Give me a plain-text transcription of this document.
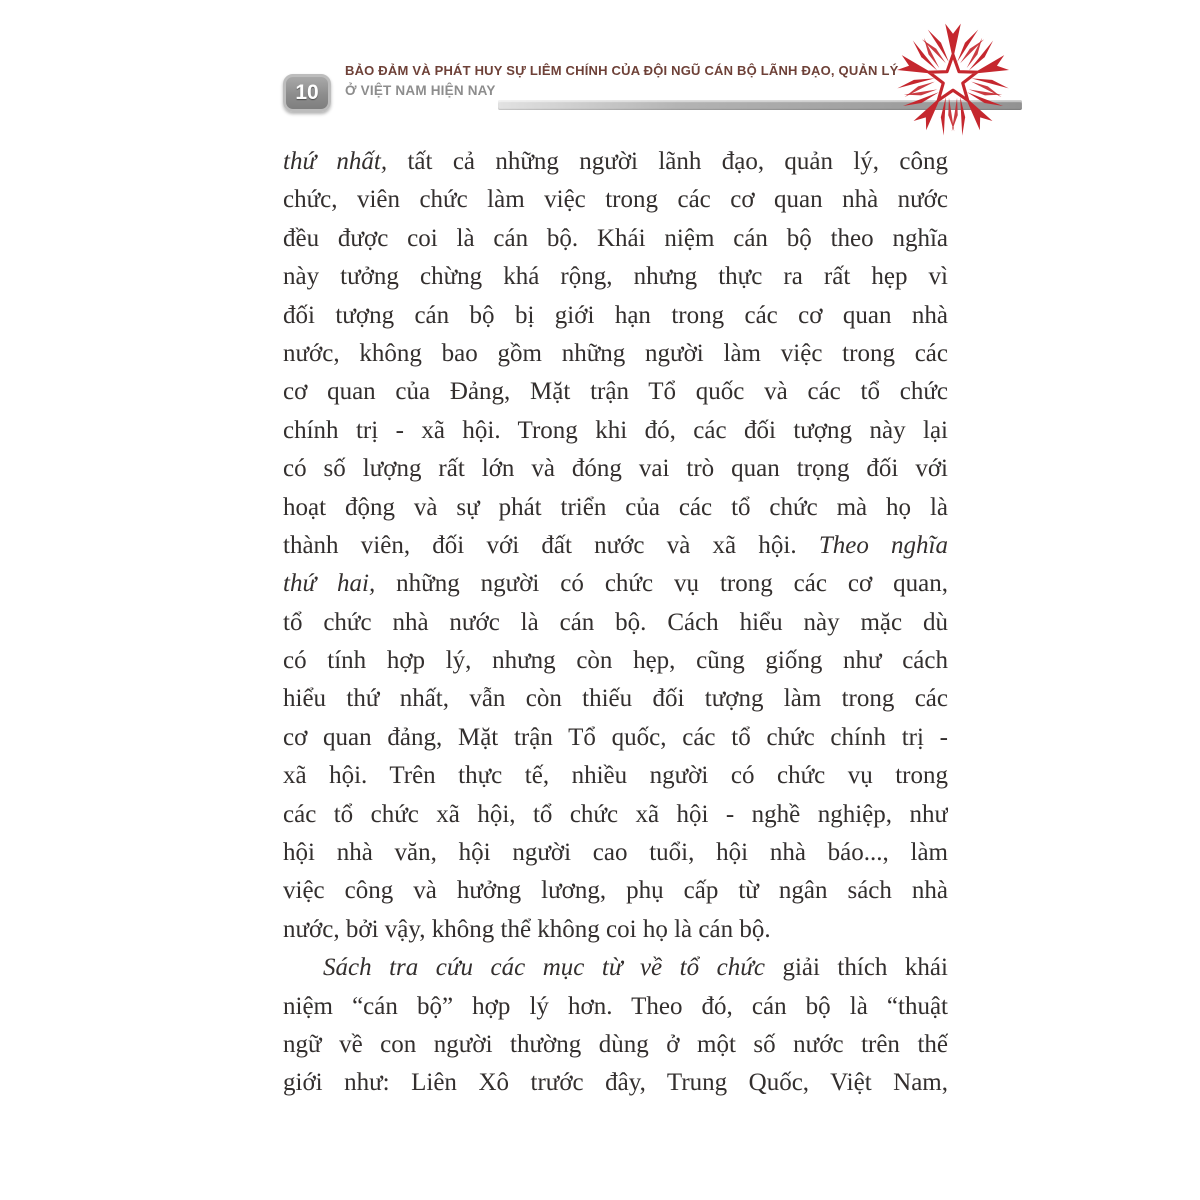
10
BẢO ĐẢM VÀ PHÁT HUY SỰ LIÊM CHÍNH CỦA ĐỘI NGŨ CÁN BỘ LÃNH ĐẠO, QUẢN LÝ
Ở VIỆT NAM HIỆN NAY
thứ nhất, tất cả những người lãnh đạo, quản lý, công
chức, viên chức làm việc trong các cơ quan nhà nước
đều được coi là cán bộ. Khái niệm cán bộ theo nghĩa
này tưởng chừng khá rộng, nhưng thực ra rất hẹp vì
đối tượng cán bộ bị giới hạn trong các cơ quan nhà
nước, không bao gồm những người làm việc trong các
cơ quan của Đảng, Mặt trận Tổ quốc và các tổ chức
chính trị - xã hội. Trong khi đó, các đối tượng này lại
có số lượng rất lớn và đóng vai trò quan trọng đối với
hoạt động và sự phát triển của các tổ chức mà họ là
thành viên, đối với đất nước và xã hội. Theo nghĩa
thứ hai, những người có chức vụ trong các cơ quan,
tổ chức nhà nước là cán bộ. Cách hiểu này mặc dù
có tính hợp lý, nhưng còn hẹp, cũng giống như cách
hiểu thứ nhất, vẫn còn thiếu đối tượng làm trong các
cơ quan đảng, Mặt trận Tổ quốc, các tổ chức chính trị -
xã hội. Trên thực tế, nhiều người có chức vụ trong
các tổ chức xã hội, tổ chức xã hội - nghề nghiệp, như
hội nhà văn, hội người cao tuổi, hội nhà báo..., làm
việc công và hưởng lương, phụ cấp từ ngân sách nhà
nước, bởi vậy, không thể không coi họ là cán bộ.
Sách tra cứu các mục từ về tổ chức giải thích khái
niệm “cán bộ” hợp lý hơn. Theo đó, cán bộ là “thuật
ngữ về con người thường dùng ở một số nước trên thế
giới như: Liên Xô trước đây, Trung Quốc, Việt Nam,
